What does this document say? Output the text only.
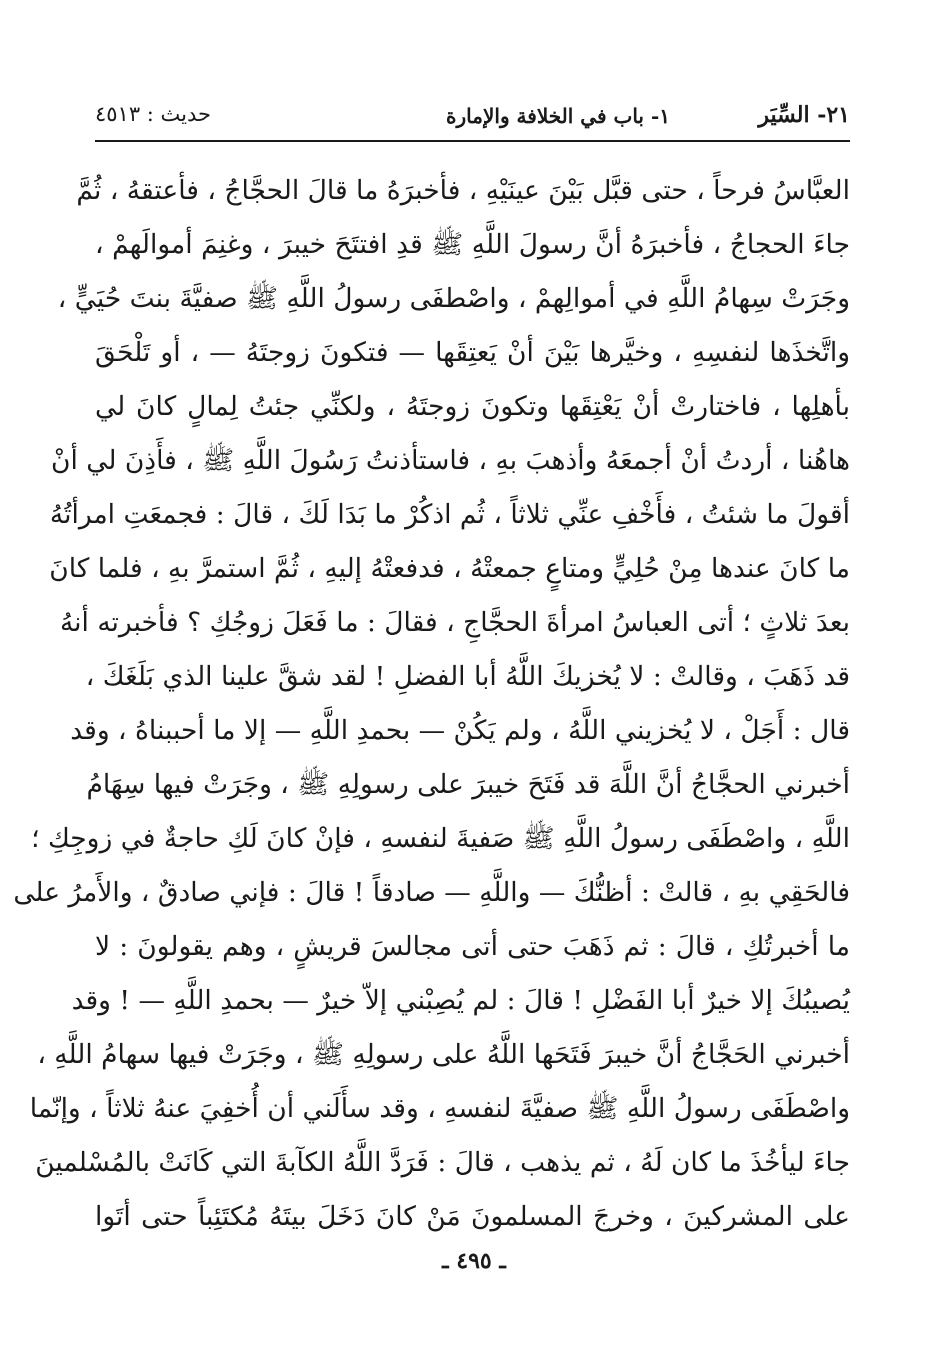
٢١- السِّيَر
١- باب في الخلافة والإمارة
حديث : ٤٥١٣
العبَّاسُ فرحاً ، حتى قبَّل بَيْنَ عينَيْهِ ، فأخبرَهُ ما قالَ الحجَّاجُ ، فأعتقهُ ، ثُمَّ
جاءَ الحجاجُ ، فأخبرَهُ أنَّ رسولَ اللَّهِ ﷺ قدِ افتتَحَ خيبرَ ، وغنِمَ أموالَهمْ ،
وجَرَتْ سِهامُ اللَّهِ في أموالِهمْ ، واصْطفَى رسولُ اللَّهِ ﷺ صفيَّةَ بنتَ حُيَيٍّ ،
واتَّخذَها لنفسِهِ ، وخيَّرها بَيْنَ أنْ يَعتِقَها — فتكونَ زوجتَهُ — ، أو تَلْحَقَ
بأهلِها ، فاختارتْ أنْ يَعْتِقَها وتكونَ زوجتَهُ ، ولكنِّي جئتُ لِمالٍ كانَ لي
هاهُنا ، أردتُ أنْ أجمعَهُ وأذهبَ بهِ ، فاستأذنتُ رَسُولَ اللَّهِ ﷺ ، فأَذِنَ لي أنْ
أقولَ ما شئتُ ، فأَخْفِ عنِّي ثلاثاً ، ثُم اذكُرْ ما بَدَا لَكَ ، قالَ : فجمعَتِ امرأتُهُ
ما كانَ عندها مِنْ حُلِيٍّ ومتاعٍ جمعتْهُ ، فدفعتْهُ إليهِ ، ثُمَّ استمرَّ بهِ ، فلما كانَ
بعدَ ثلاثٍ ؛ أتى العباسُ امرأةَ الحجَّاجِ ، فقالَ : ما فَعَلَ زوجُكِ ؟ فأخبرته أنهُ
قد ذَهَبَ ، وقالتْ : لا يُخزيكَ اللَّهُ أبا الفضلِ ! لقد شقَّ علينا الذي بَلَغَكَ ،
قال : أَجَلْ ، لا يُخزيني اللَّهُ ، ولم يَكُنْ — بحمدِ اللَّهِ — إلا ما أحببناهُ ، وقد
أخبرني الحجَّاجُ أنَّ اللَّهَ قد فَتَحَ خيبرَ على رسولِهِ ﷺ ، وجَرَتْ فيها سِهَامُ
اللَّهِ ، واصْطَفَى رسولُ اللَّهِ ﷺ صَفيةَ لنفسهِ ، فإنْ كانَ لَكِ حاجةٌ في زوجِكِ ؛
فالحَقِي بهِ ، قالتْ : أظنُّكَ — واللَّهِ — صادقاً ! قالَ : فإني صادقٌ ، والأَمرُ على
ما أخبرتُكِ ، قالَ : ثم ذَهَبَ حتى أتى مجالسَ قريشٍ ، وهم يقولونَ : لا
يُصيبُكَ إلا خيرٌ أبا الفَضْلِ ! قالَ : لم يُصِبْني إلاّ خيرٌ — بحمدِ اللَّهِ — ! وقد
أخبرني الحَجَّاجُ أنَّ خيبرَ فَتَحَها اللَّهُ على رسولِهِ ﷺ ، وجَرَتْ فيها سهامُ اللَّهِ ،
واصْطَفَى رسولُ اللَّهِ ﷺ صفيَّةَ لنفسهِ ، وقد سأَلَني أن أُخفِيَ عنهُ ثلاثاً ، وإنّما
جاءَ ليأخُذَ ما كان لَهُ ، ثم يذهب ، قالَ : فَرَدَّ اللَّهُ الكآبةَ التي كَانَتْ بالمُسْلمينَ
على المشركينَ ، وخرجَ المسلمونَ مَنْ كانَ دَخَلَ بيتَهُ مُكتَئِباً حتى أتَوا
ـ ٤٩٥ ـ
